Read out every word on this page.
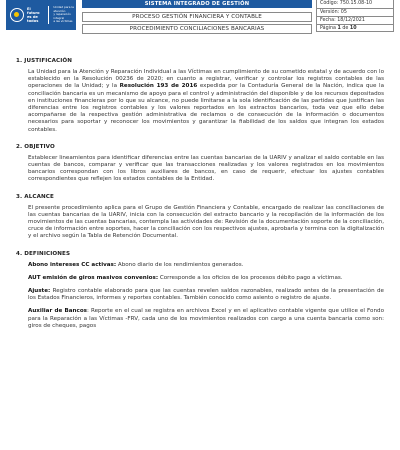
El futuro
es de todos
Unidad para la atención
y reparación integral
a las víctimas
SISTEMA INTEGRADO DE GESTIÓN
PROCESO GESTIÓN FINANCIERA Y CONTABLE
PROCEDIMIENTO CONCILIACIONES BANCARIAS
Código: 750.15.08-10
Versión: 05
Fecha: 18/12/2021
Página 1 de 10
1. JUSTIFICACIÓN
La Unidad para la Atención y Reparación Individual a las Víctimas en cumplimiento de su cometido estatal y de acuerdo con lo establecido en la Resolución 00236 de 2020; en cuanto a registrar, verificar y controlar los registros contables de las operaciones de la Unidad; y la Resolución 193 de 2016 expedida por la Contaduría General de la Nación, indica que la conciliación bancaria es un mecanismo de apoyo para el control y administración del disponible y de los recursos depositados en instituciones financieras por lo que su alcance, no puede limitarse a la sola identificación de las partidas que justifican las diferencias entre los registros contables y los valores reportados en los extractos bancarios, toda vez que ello debe acompañarse de la respectiva gestión administrativa de reclamos o de consecución de la información o documentos necesarios para soportar y reconocer los movimientos y garantizar la fiabilidad de los saldos que integran los estados contables.
2. OBJETIVO
Establecer lineamientos para identificar diferencias entre las cuentas bancarias de la UARIV y analizar el saldo contable en las cuentas de bancos, comparar y verificar que las transacciones realizadas y los valores registrados en los movimientos bancarios correspondan con los libros auxiliares de bancos, en caso de requerir, efectuar los ajustes contables correspondientes que reflejen los estados contables de la Entidad.
3. ALCANCE
El presente procedimiento aplica para el Grupo de Gestión Financiera y Contable, encargado de realizar las conciliaciones de las cuentas bancarias de la UARIV, inicia con la consecución del extracto bancario y la recopilación de la información de los movimientos de las cuentas bancarias, contempla las actividades de: Revisión de la documentación soporte de la conciliación, cruce de información entre soportes, hacer la conciliación con los respectivos ajustes, aprobarla y termina con la digitalización y el archivo según la Tabla de Retención Documental.
4. DEFINICIONES
Abono intereses CC activas: Abono diario de los rendimientos generados.
AUT emisión de giros masivos convenios: Corresponde a los oficios de los procesos débito pago a víctimas.
Ajuste: Registro contable elaborado para que las cuentas revelen saldos razonables, realizado antes de la presentación de los Estados Financieros, informes y reportes contables. También conocido como asiento o registro de ajuste.
Auxiliar de Bancos: Reporte en el cual se registra en archivos Excel y en el aplicativo contable vigente que utilice el Fondo para la Reparación a las Víctimas -FRV, cada uno de los movimientos realizados con cargo a una cuenta bancaria como son: giros de cheques, pagos
